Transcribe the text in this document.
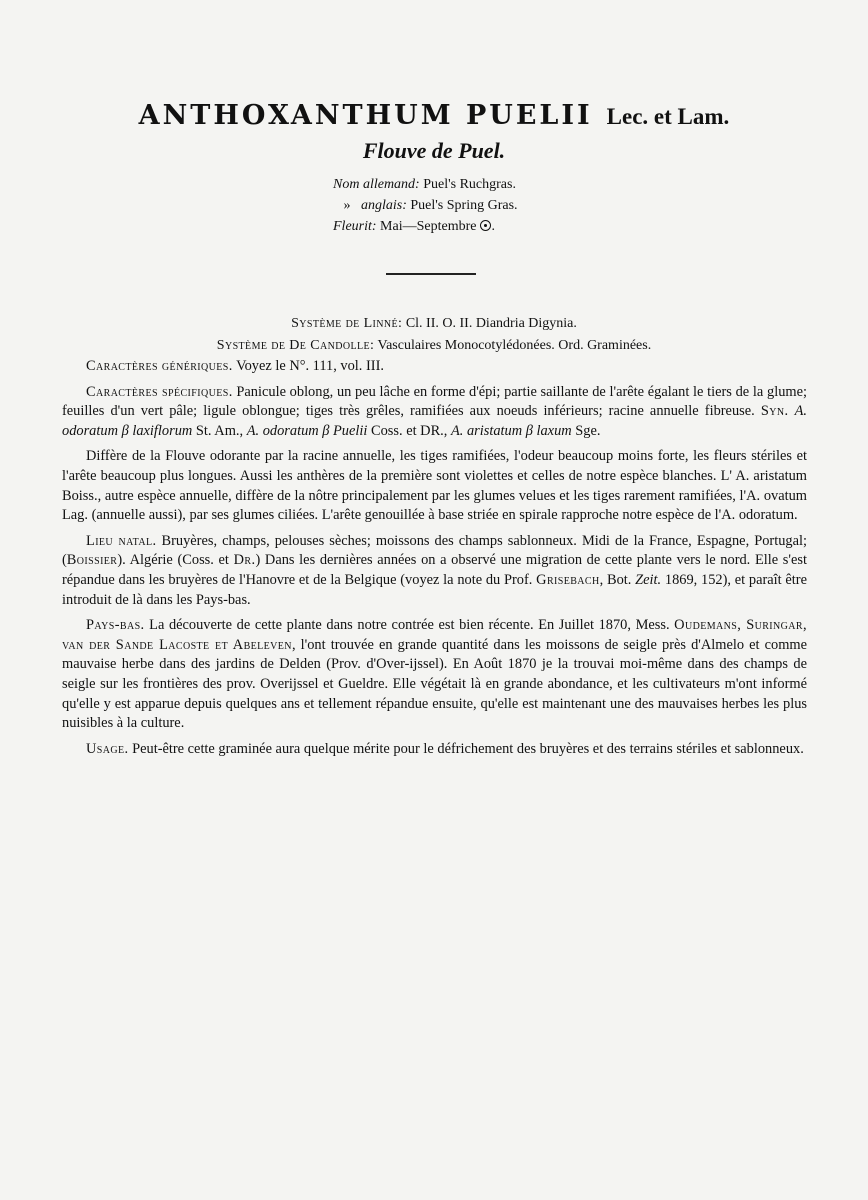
ANTHOXANTHUM PUELII Lec. et Lam.
Flouve de Puel.
Nom allemand: Puel's Ruchgras.
» anglais: Puel's Spring Gras.
Fleurit: Mai—Septembre .
Système de Linné: Cl. II. O. II. Diandria Digynia.
Système de De Candolle: Vasculaires Monocotylédonées. Ord. Graminées.

Caractères génériques. Voyez le N°. 111, vol. III.

Caractères spécifiques. Panicule oblong, un peu lâche en forme d'épi; partie saillante de l'arête égalant le tiers de la glume; feuilles d'un vert pâle; ligule oblongue; tiges très grêles, ramifiées aux noeuds inférieurs; racine annuelle fibreuse. Syn. A. odoratum β laxiflorum St. Am., A. odoratum β Puelii Coss. et DR., A. aristatum β laxum Sge.

Diffère de la Flouve odorante par la racine annuelle, les tiges ramifiées, l'odeur beaucoup moins forte, les fleurs stériles et l'arête beaucoup plus longues. Aussi les anthères de la première sont violettes et celles de notre espèce blanches. L' A. aristatum Boiss., autre espèce annuelle, diffère de la nôtre principalement par les glumes velues et les tiges rarement ramifiées, l'A. ovatum Lag. (annuelle aussi), par ses glumes ciliées. L'arête genouillée à base striée en spirale rapproche notre espèce de l'A. odoratum.

Lieu natal. Bruyères, champs, pelouses sèches; moissons des champs sablonneux. Midi de la France, Espagne, Portugal; (Boissier). Algérie (Coss. et Dr.) Dans les dernières années on a observé une migration de cette plante vers le nord. Elle s'est répandue dans les bruyères de l'Hanovre et de la Belgique (voyez la note du Prof. Grisebach, Bot. Zeit. 1869, 152), et paraît être introduit de là dans les Pays-bas.

Pays-bas. La découverte de cette plante dans notre contrée est bien récente. En Juillet 1870, Mess. Oudemans, Suringar, van der Sande Lacoste et Abeleven, l'ont trouvée en grande quantité dans les moissons de seigle près d'Almelo et comme mauvaise herbe dans des jardins de Delden (Prov. d'Over-ijssel). En Août 1870 je la trouvai moi-même dans des champs de seigle sur les frontières des prov. Overijssel et Gueldre. Elle végétait là en grande abondance, et les cultivateurs m'ont informé qu'elle y est apparue depuis quelques ans et tellement répandue ensuite, qu'elle est maintenant une des mauvaises herbes les plus nuisibles à la culture.

Usage. Peut-être cette graminée aura quelque mérite pour le défrichement des bruyères et des terrains stériles et sablonneux.
